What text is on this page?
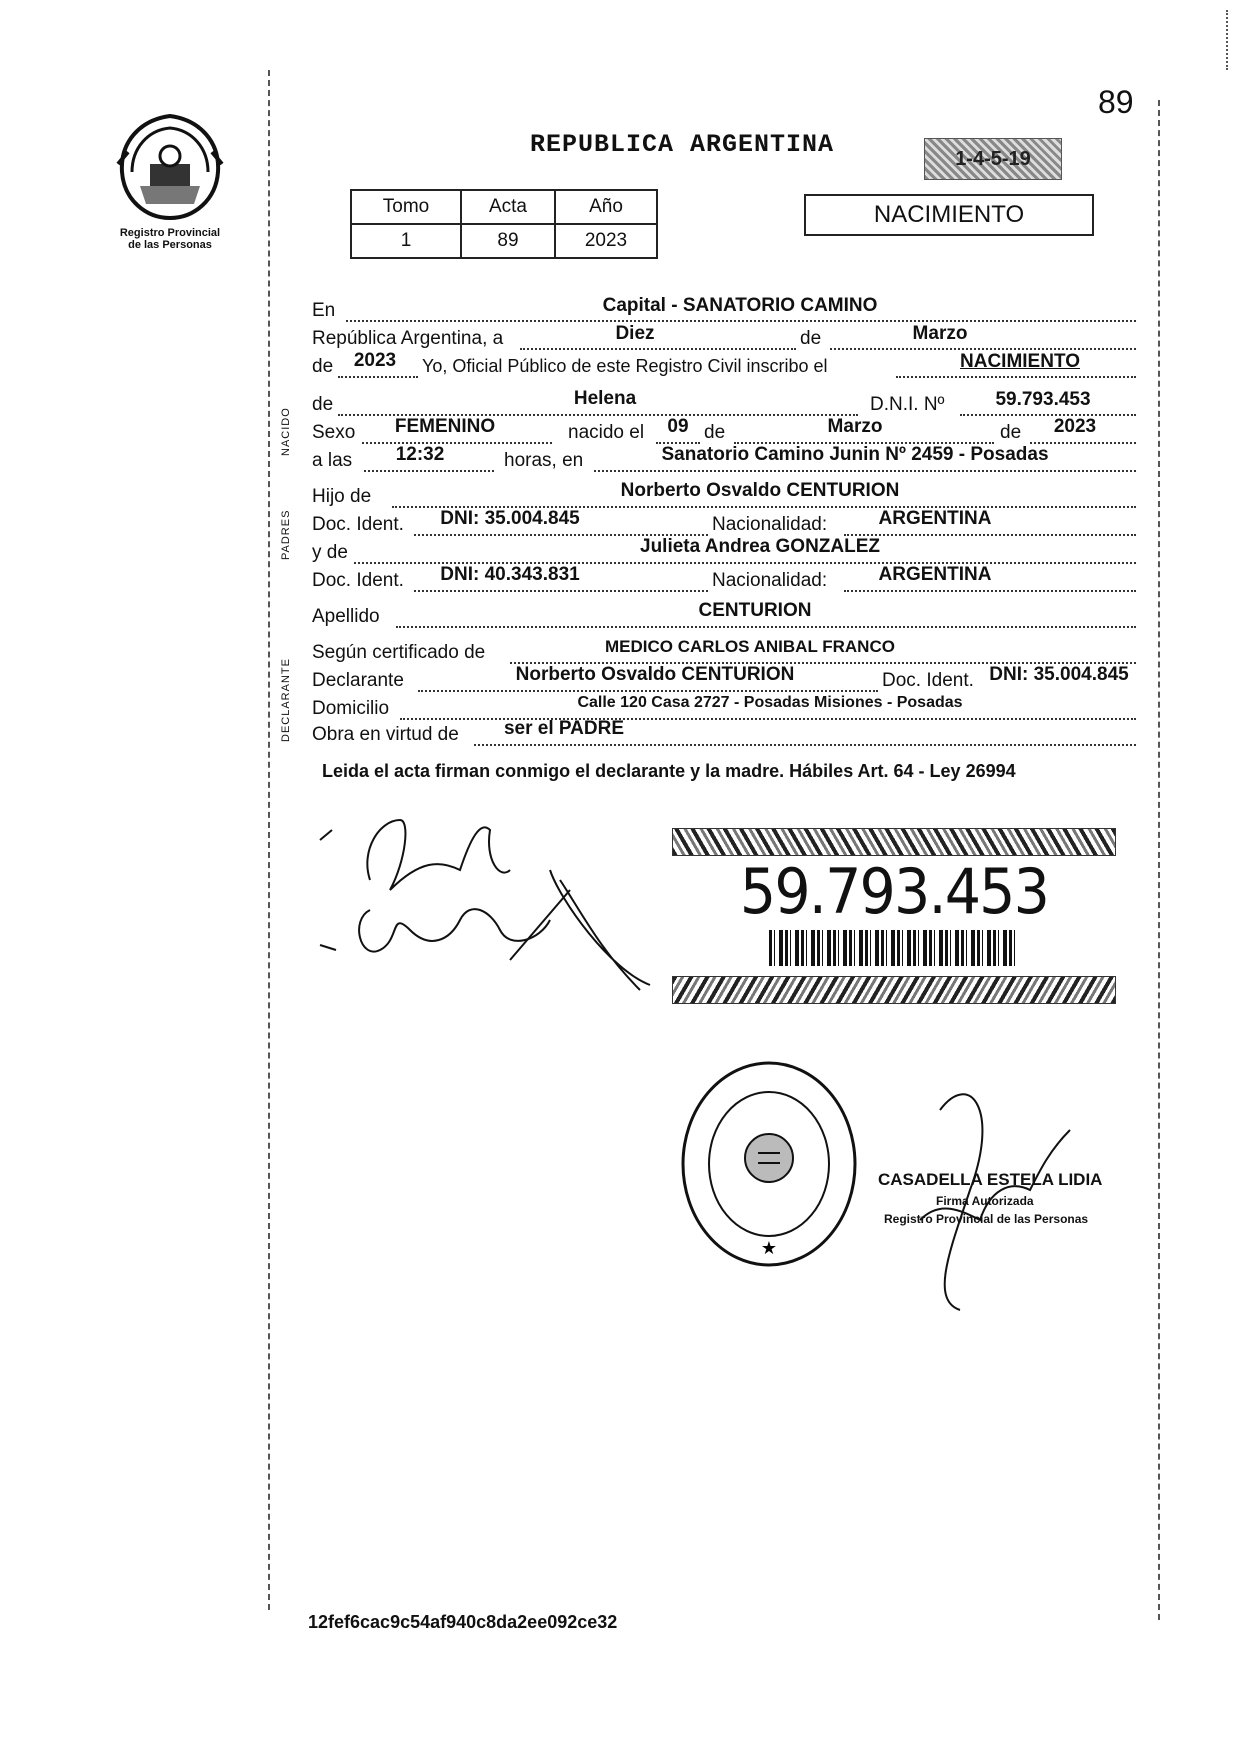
89
Registro Provincial
de las Personas
REPUBLICA ARGENTINA	1-4-5-19
NACIMIENTO
Tomo	Acta	Año
1	89	2023
NACIDO
PADRES
DECLARANTE
En	Capital - SANATORIO CAMINO
República Argentina, a	Diez	de	Marzo
de	2023	Yo, Oficial Público de este Registro Civil inscribo el	NACIMIENTO
de	Helena	D.N.I. Nº	59.793.453
Sexo	FEMENINO	nacido el	09 de	Marzo	de	2023
a las	12:32	horas, en	Sanatorio Camino Junin Nº 2459 - Posadas
Hijo de	Norberto Osvaldo CENTURION
Doc. Ident.	DNI: 35.004.845	Nacionalidad:	ARGENTINA
y de	Julieta Andrea GONZALEZ
Doc. Ident.	DNI: 40.343.831	Nacionalidad:	ARGENTINA
Apellido	CENTURION
Según certificado de	MEDICO CARLOS ANIBAL FRANCO
Declarante	Norberto Osvaldo CENTURION	Doc. Ident. DNI: 35.004.845
Domicilio	Calle 120 Casa 2727 - Posadas Misiones - Posadas
Obra en virtud de	ser el PADRE
Leida el acta firman conmigo el declarante y la madre. Hábiles Art. 64 - Ley 26994
59.793.453
★
CASADELLA ESTELA LIDIA
Firma Autorizada
Registro Provincial de las Personas
12fef6cac9c54af940c8da2ee092ce32
